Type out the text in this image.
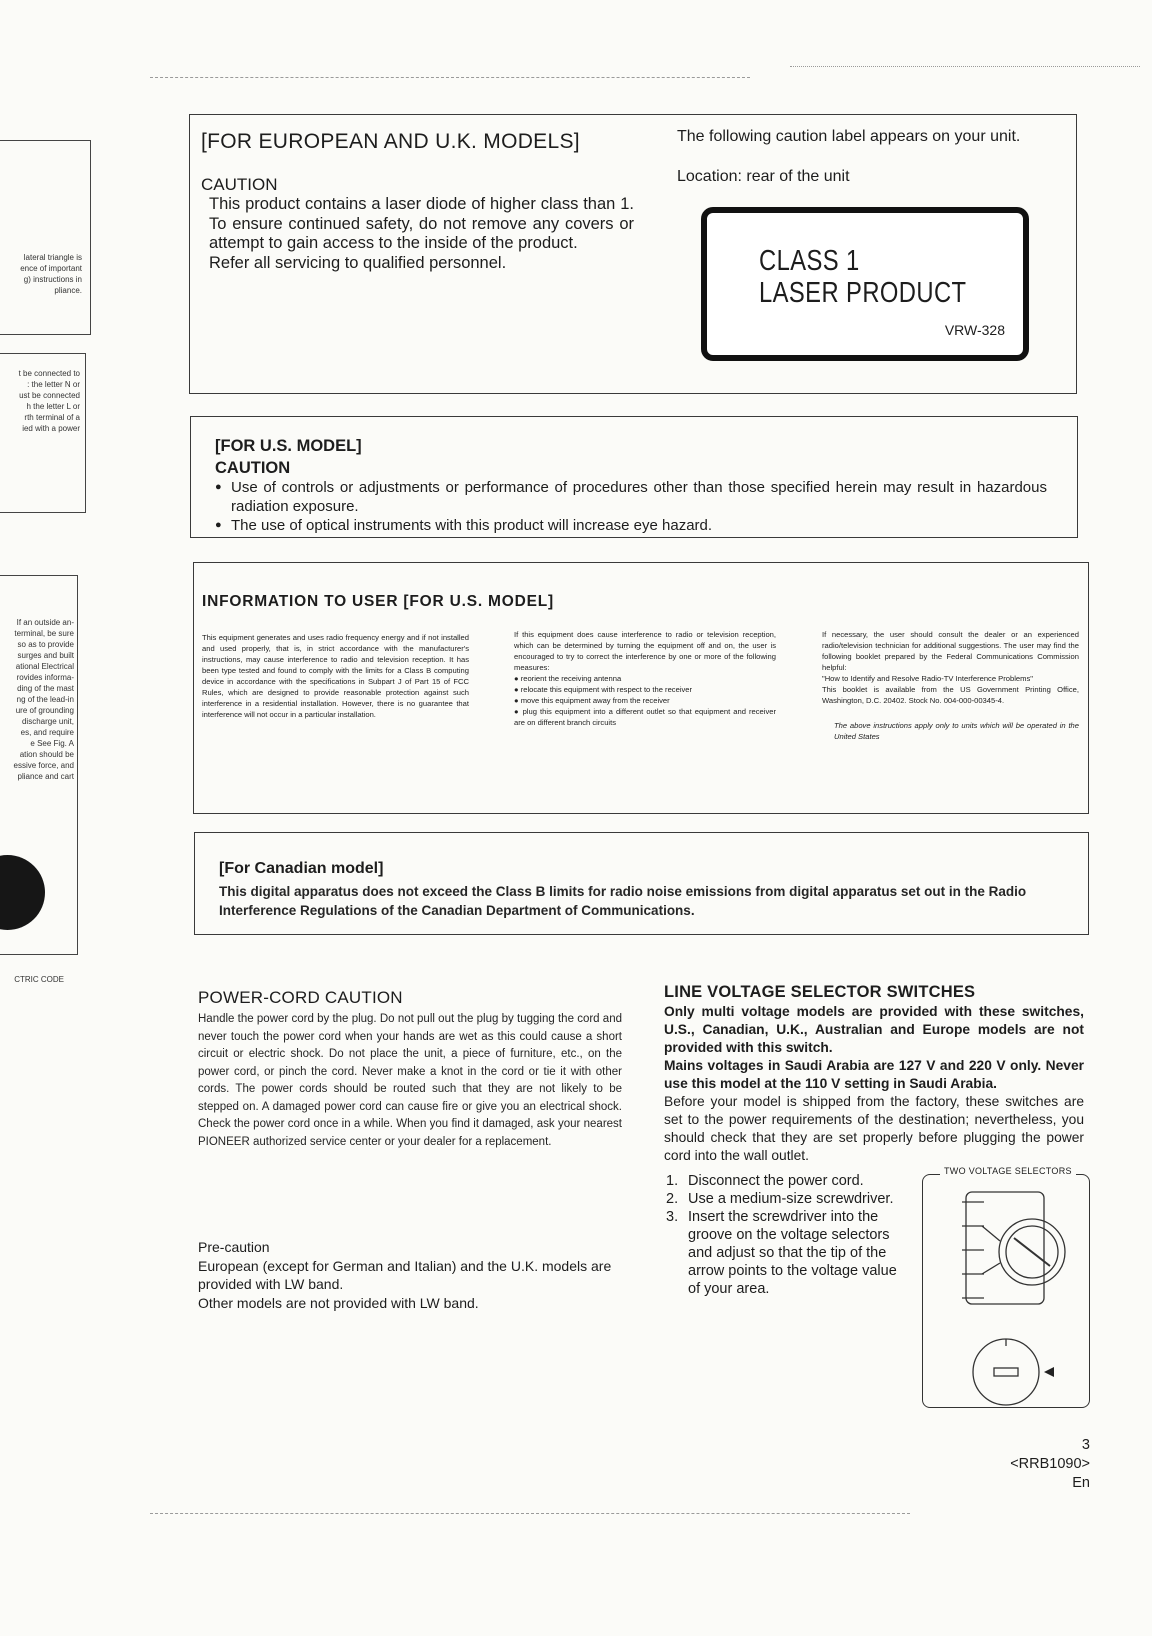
lateral triangle is
ence of important
g) instructions in
pliance.
t be connected to
: the letter N or
ust be connected
h the letter L or
rth terminal of a
ied with a power
If an outside an-
terminal, be sure
so as to provide
surges and built
ational Electrical
rovides informa-
ding of the mast
ng of the lead-in
ure of grounding
discharge unit,
es, and require
e See Fig. A
ation should be
essive force, and
pliance and cart
CTRIC CODE
[FOR EUROPEAN AND U.K. MODELS]
CAUTION
This product contains a laser diode of higher class than 1. To ensure continued safety, do not remove any covers or attempt to gain access to the inside of the product.
Refer all servicing to qualified personnel.
The following caution label appears on your unit.
Location: rear of the unit
CLASS 1
LASER PRODUCT
VRW-328
[FOR U.S. MODEL]
CAUTION
● Use of controls or adjustments or performance of procedures other than those specified herein may result in hazardous radiation exposure.
● The use of optical instruments with this product will increase eye hazard.
INFORMATION TO USER [FOR U.S. MODEL]

This equipment generates and uses radio frequency energy and if not installed and used properly, that is, in strict accordance with the manufacturer's instructions, may cause interference to radio and television reception. It has been type tested and found to comply with the limits for a Class B computing device in accordance with the specifications in Subpart J of Part 15 of FCC Rules, which are designed to provide reasonable protection against such interference in a residential installation. However, there is no guarantee that interference will not occur in a particular installation.

If this equipment does cause interference to radio or television reception, which can be determined by turning the equipment off and on, the user is encouraged to try to correct the interference by one or more of the following measures:

● reorient the receiving antenna

● relocate this equipment with respect to the receiver

● move this equipment away from the receiver

● plug this equipment into a different outlet so that equipment and receiver are on different branch circuits

If necessary, the user should consult the dealer or an experienced radio/television technician for additional suggestions. The user may find the following booklet prepared by the Federal Communications Commission helpful:

"How to Identify and Resolve Radio-TV Interference Problems"

This booklet is available from the US Government Printing Office, Washington, D.C. 20402. Stock No. 004-000-00345-4.

The above instructions apply only to units which will be operated in the United States

[For Canadian model]
This digital apparatus does not exceed the Class B limits for radio noise emissions from digital apparatus set out in the Radio Interference Regulations of the Canadian Department of Communications.
POWER-CORD CAUTION
Handle the power cord by the plug. Do not pull out the plug by tugging the cord and never touch the power cord when your hands are wet as this could cause a short circuit or electric shock. Do not place the unit, a piece of furniture, etc., on the power cord, or pinch the cord. Never make a knot in the cord or tie it with other cords. The power cords should be routed such that they are not likely to be stepped on. A damaged power cord can cause fire or give you an electrical shock. Check the power cord once in a while. When you find it damaged, ask your nearest PIONEER authorized service center or your dealer for a replacement.
Pre-caution
European (except for German and Italian) and the U.K. models are provided with LW band.
Other models are not provided with LW band.
LINE VOLTAGE SELECTOR SWITCHES
Only multi voltage models are provided with these switches, U.S., Canadian, U.K., Australian and Europe models are not provided with this switch.
Mains voltages in Saudi Arabia are 127 V and 220 V only. Never use this model at the 110 V setting in Saudi Arabia.
Before your model is shipped from the factory, these switches are set to the power requirements of the destination; nevertheless, you should check that they are set properly before plugging the power cord into the wall outlet.
1. Disconnect the power cord.
2. Use a medium-size screwdriver.
3. Insert the screwdriver into the groove on the voltage selectors and adjust so that the tip of the arrow points to the voltage value of your area.
TWO VOLTAGE SELECTORS
3
<RRB1090>
En
